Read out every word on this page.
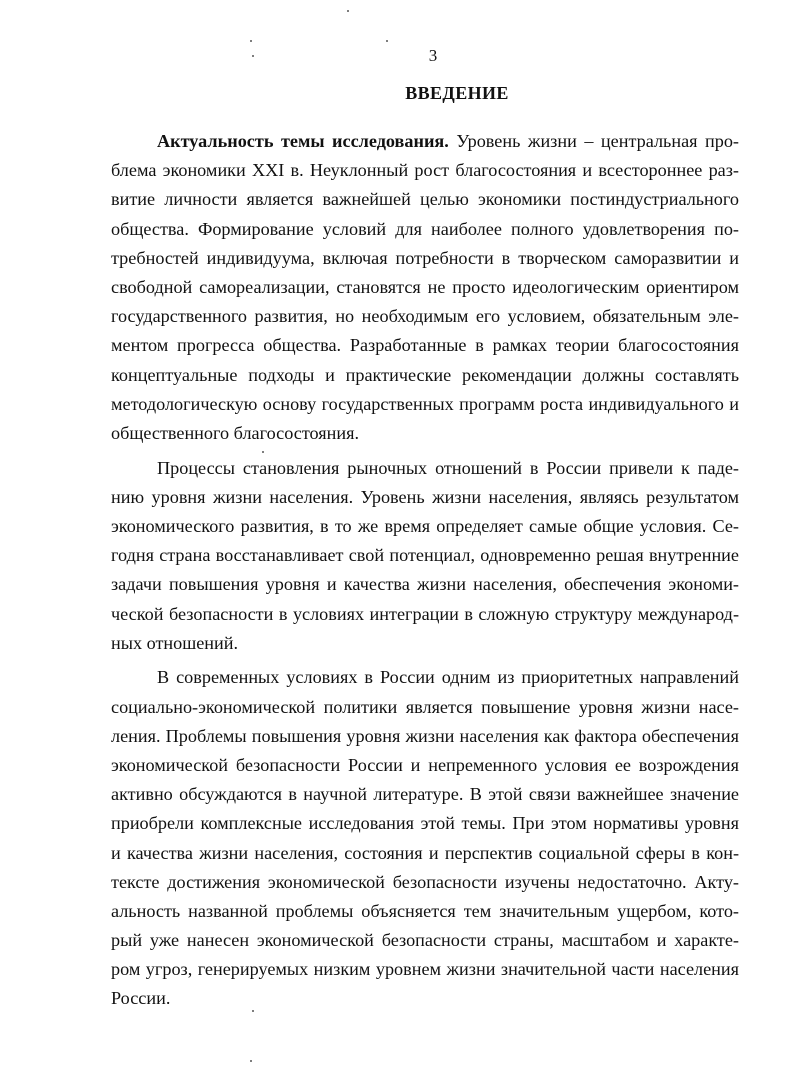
3

ВВЕДЕНИЕ
Актуальность темы исследования. Уровень жизни – центральная про-
блема экономики XXI в. Неуклонный рост благосостояния и всестороннее раз-
витие личности является важнейшей целью экономики постиндустриального
общества. Формирование условий для наиболее полного удовлетворения по-
требностей индивидуума, включая потребности в творческом саморазвитии и
свободной самореализации, становятся не просто идеологическим ориентиром
государственного развития, но необходимым его условием, обязательным эле-
ментом прогресса общества. Разработанные в рамках теории благосостояния
концептуальные подходы и практические рекомендации должны составлять
методологическую основу государственных программ роста индивидуального и
общественного благосостояния.
Процессы становления рыночных отношений в России привели к паде-
нию уровня жизни населения. Уровень жизни населения, являясь результатом
экономического развития, в то же время определяет самые общие условия. Се-
годня страна восстанавливает свой потенциал, одновременно решая внутренние
задачи повышения уровня и качества жизни населения, обеспечения экономи-
ческой безопасности в условиях интеграции в сложную структуру международ-
ных отношений.
В современных условиях в России одним из приоритетных направлений
социально-экономической политики является повышение уровня жизни насе-
ления. Проблемы повышения уровня жизни населения как фактора обеспечения
экономической безопасности России и непременного условия ее возрождения
активно обсуждаются в научной литературе. В этой связи важнейшее значение
приобрели комплексные исследования этой темы. При этом нормативы уровня
и качества жизни населения, состояния и перспектив социальной сферы в кон-
тексте достижения экономической безопасности изучены недостаточно. Акту-
альность названной проблемы объясняется тем значительным ущербом, кото-
рый уже нанесен экономической безопасности страны, масштабом и характе-
ром угроз, генерируемых низким уровнем жизни значительной части населения
России.
